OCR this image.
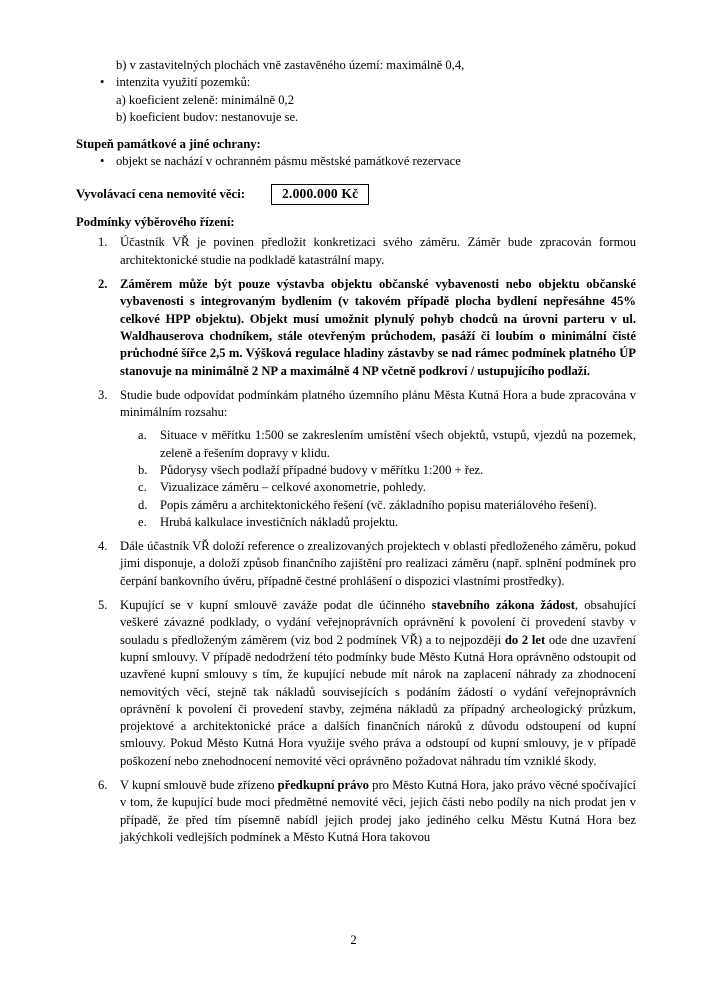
b) v zastavitelných plochách vně zastavěného území: maximálně 0,4,
• intenzita využití pozemků:
a) koeficient zeleně: minimálně 0,2
b) koeficient budov: nestanovuje se.
Stupeň památkové a jiné ochrany:
• objekt se nachází v ochranném pásmu městské památkové rezervace
Vyvolávací cena nemovité věci:	2.000.000 Kč
Podmínky výběrového řízení:
1. Účastník VŘ je povinen předložit konkretizaci svého záměru. Záměr bude zpracován formou architektonické studie na podkladě katastrální mapy.
2. Záměrem může být pouze výstavba objektu občanské vybavenosti nebo objektu občanské vybavenosti s integrovaným bydlením (v takovém případě plocha bydlení nepřesáhne 45% celkové HPP objektu). Objekt musí umožnit plynulý pohyb chodců na úrovni parteru v ul. Waldhauserova chodníkem, stále otevřeným průchodem, pasáží či loubím o minimální čisté průchodné šířce 2,5 m. Výšková regulace hladiny zástavby se nad rámec podmínek platného ÚP stanovuje na minimálně 2 NP a maximálně 4 NP včetně podkroví / ustupujícího podlaží.
3. Studie bude odpovídat podmínkám platného územního plánu Města Kutná Hora a bude zpracována v minimálním rozsahu:
a.	Situace v měřítku 1:500 se zakreslením umístění všech objektů, vstupů, vjezdů na pozemek, zeleně a řešením dopravy v klidu.
b. Půdorysy všech podlaží případné budovy v měřítku 1:200 + řez.
c.	Vizualizace záměru – celkové axonometrie, pohledy.
d. Popis záměru a architektonického řešení (vč. základního popisu materiálového řešení).
e.	Hrubá kalkulace investičních nákladů projektu.
4. Dále účastník VŘ doloží reference o zrealizovaných projektech v oblasti předloženého záměru, pokud jimi disponuje, a doloží způsob finančního zajištění pro realizaci záměru (např. splnění podmínek pro čerpání bankovního úvěru, případně čestné prohlášení o dispozici vlastními prostředky).
5. Kupující se v kupní smlouvě zaváže podat dle účinného stavebního zákona žádost, obsahující veškeré závazné podklady, o vydání veřejnoprávních oprávnění k povolení či provedení stavby v souladu s předloženým záměrem (viz bod 2 podmínek VŘ) a to nejpozději do 2 let ode dne uzavření kupní smlouvy. V případě nedodržení této podmínky bude Město Kutná Hora oprávněno odstoupit od uzavřené kupní smlouvy s tím, že kupující nebude mít nárok na zaplacení náhrady za zhodnocení nemovitých věcí, stejně tak nákladů souvisejících s podáním žádostí o vydání veřejnoprávních oprávnění k povolení či provedení stavby, zejména nákladů za případný archeologický průzkum, projektové a architektonické práce a dalších finančních nároků z důvodu odstoupení od kupní smlouvy. Pokud Město Kutná Hora využije svého práva a odstoupí od kupní smlouvy, je v případě poškození nebo znehodnocení nemovité věci oprávněno požadovat náhradu tím vzniklé škody.
6. V kupní smlouvě bude zřízeno předkupní právo pro Město Kutná Hora, jako právo věcné spočívající v tom, že kupující bude moci předmětné nemovité věci, jejich části nebo podíly na nich prodat jen v případě, že před tím písemně nabídl jejich prodej jako jediného celku Městu Kutná Hora bez jakýchkoli vedlejších podmínek a Město Kutná Hora takovou
2
